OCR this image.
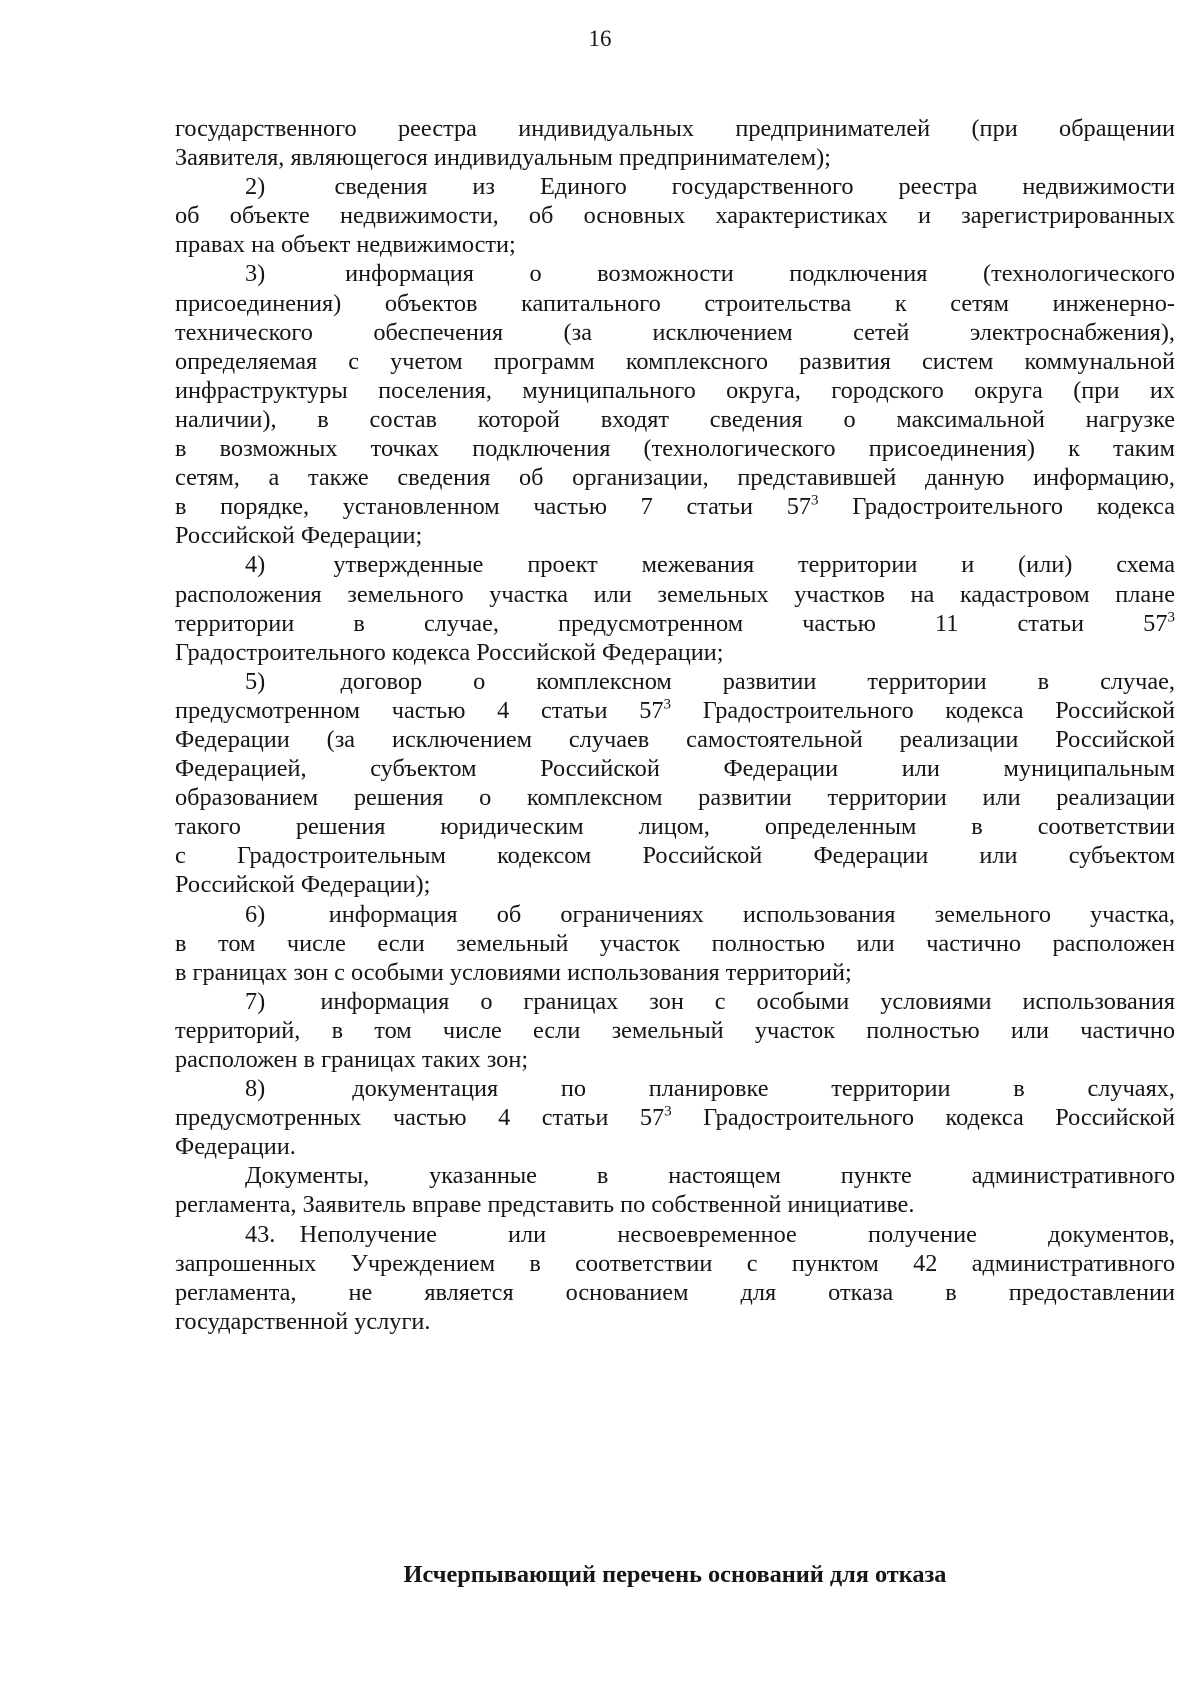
16
государственного реестра индивидуальных предпринимателей (при обращении
Заявителя, являющегося индивидуальным предпринимателем);
2)  сведения из Единого государственного реестра недвижимости
об объекте недвижимости, об основных характеристиках и зарегистрированных
правах на объект недвижимости;
3)  информация о возможности подключения (технологического
присоединения) объектов капитального строительства к сетям инженерно-
технического обеспечения (за исключением сетей электроснабжения),
определяемая с учетом программ комплексного развития систем коммунальной
инфраструктуры поселения, муниципального округа, городского округа (при их
наличии), в состав которой входят сведения о максимальной нагрузке
в возможных точках подключения (технологического присоединения) к таким
сетям, а также сведения об организации, представившей данную информацию,
в порядке, установленном частью 7 статьи $57^3$ Градостроительного кодекса
Российской Федерации;
4)  утвержденные проект межевания территории и (или) схема
расположения земельного участка или земельных участков на кадастровом плане
территории в случае, предусмотренном частью 11 статьи $57^3$
Градостроительного кодекса Российской Федерации;
5)  договор о комплексном развитии территории в случае,
предусмотренном частью 4 статьи $57^3$ Градостроительного кодекса Российской
Федерации (за исключением случаев самостоятельной реализации Российской
Федерацией, субъектом Российской Федерации или муниципальным
образованием решения о комплексном развитии территории или реализации
такого решения юридическим лицом, определенным в соответствии
с Градостроительным кодексом Российской Федерации или субъектом
Российской Федерации);
6)  информация об ограничениях использования земельного участка,
в том числе если земельный участок полностью или частично расположен
в границах зон с особыми условиями использования территорий;
7)  информация о границах зон с особыми условиями использования
территорий, в том числе если земельный участок полностью или частично
расположен в границах таких зон;
8)  документация по планировке территории в случаях,
предусмотренных частью 4 статьи $57^3$ Градостроительного кодекса Российской
Федерации.
Документы, указанные в настоящем пункте административного
регламента, Заявитель вправе представить по собственной инициативе.
43. Неполучение или несвоевременное получение документов,
запрошенных Учреждением в соответствии с пунктом 42 административного
регламента, не является основанием для отказа в предоставлении
государственной услуги.
Исчерпывающий перечень оснований для отказа
